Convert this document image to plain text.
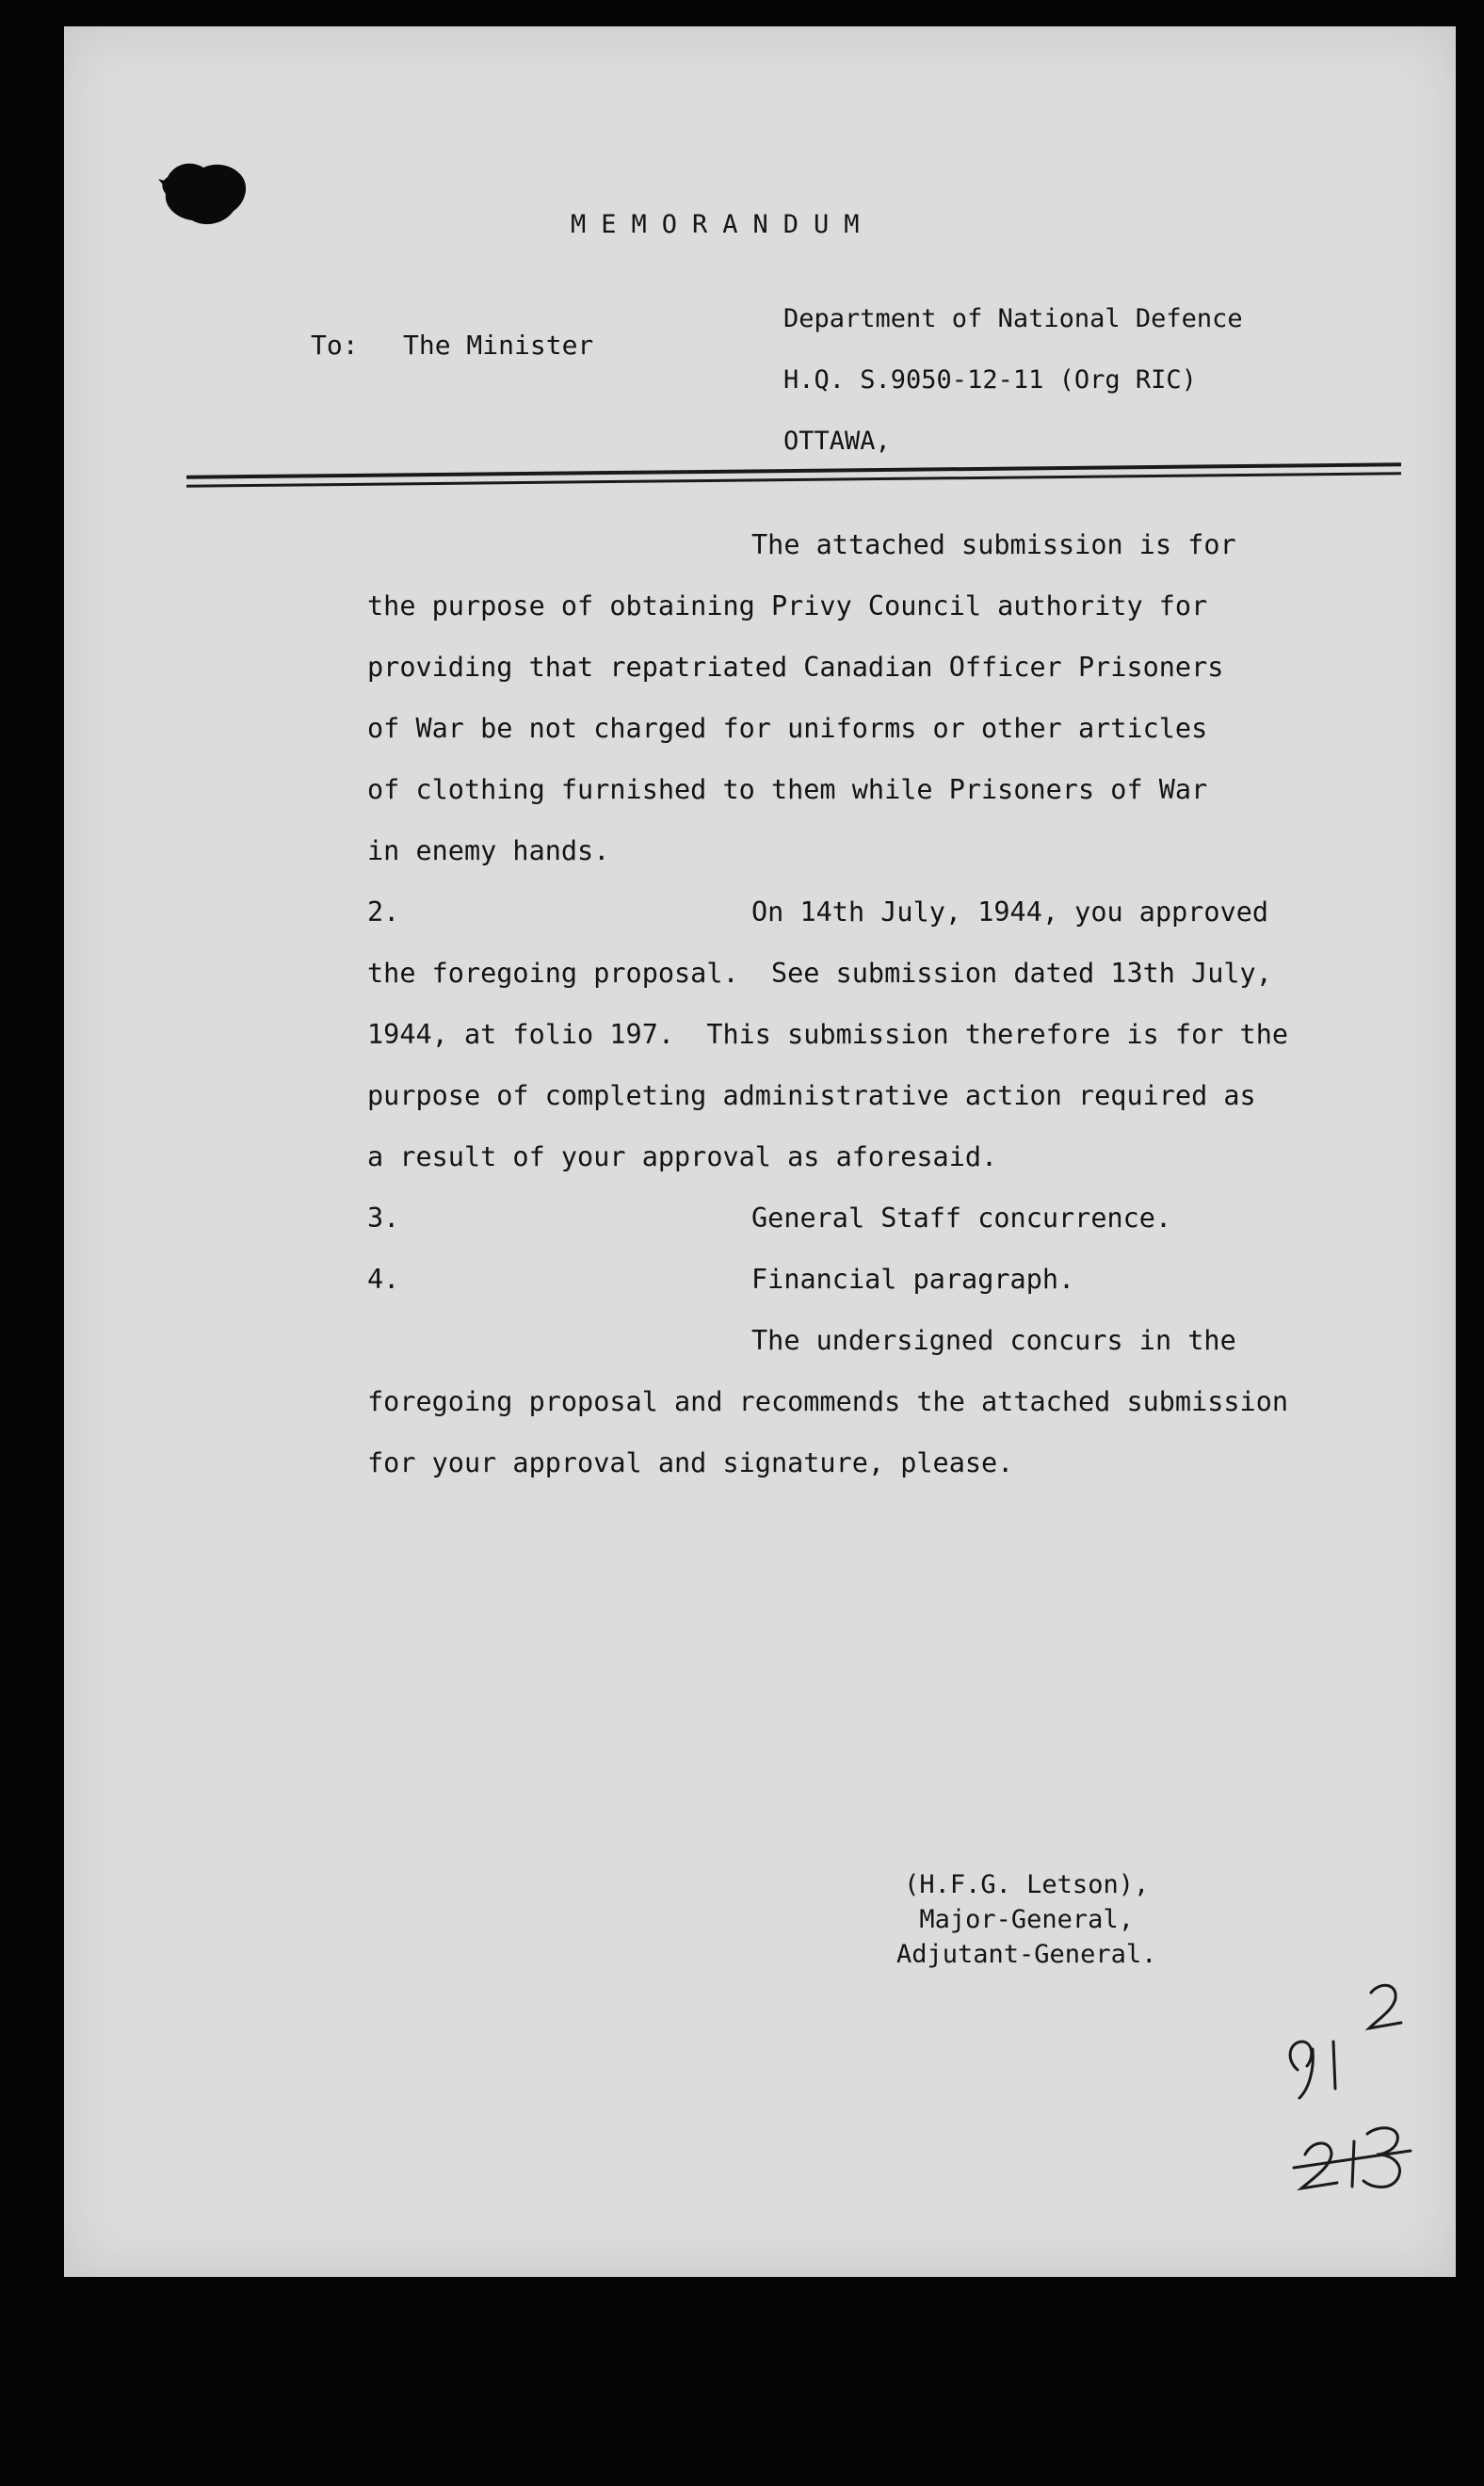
MEMORANDUM
To: The Minister
Department of National Defence
H.Q. S.9050-12-11 (Org RIC)
OTTAWA,
The attached submission is for
the purpose of obtaining Privy Council authority for
providing that repatriated Canadian Officer Prisoners
of War be not charged for uniforms or other articles
of clothing furnished to them while Prisoners of War
in enemy hands.
2.	On 14th July, 1944, you approved
the foregoing proposal.  See submission dated 13th July,
1944, at folio 197.  This submission therefore is for the
purpose of completing administrative action required as
a result of your approval as aforesaid.
3.	General Staff concurrence.
4.	Financial paragraph.
The undersigned concurs in the
foregoing proposal and recommends the attached submission
for your approval and signature, please.
(H.F.G. Letson),
Major-General,
Adjutant-General.
